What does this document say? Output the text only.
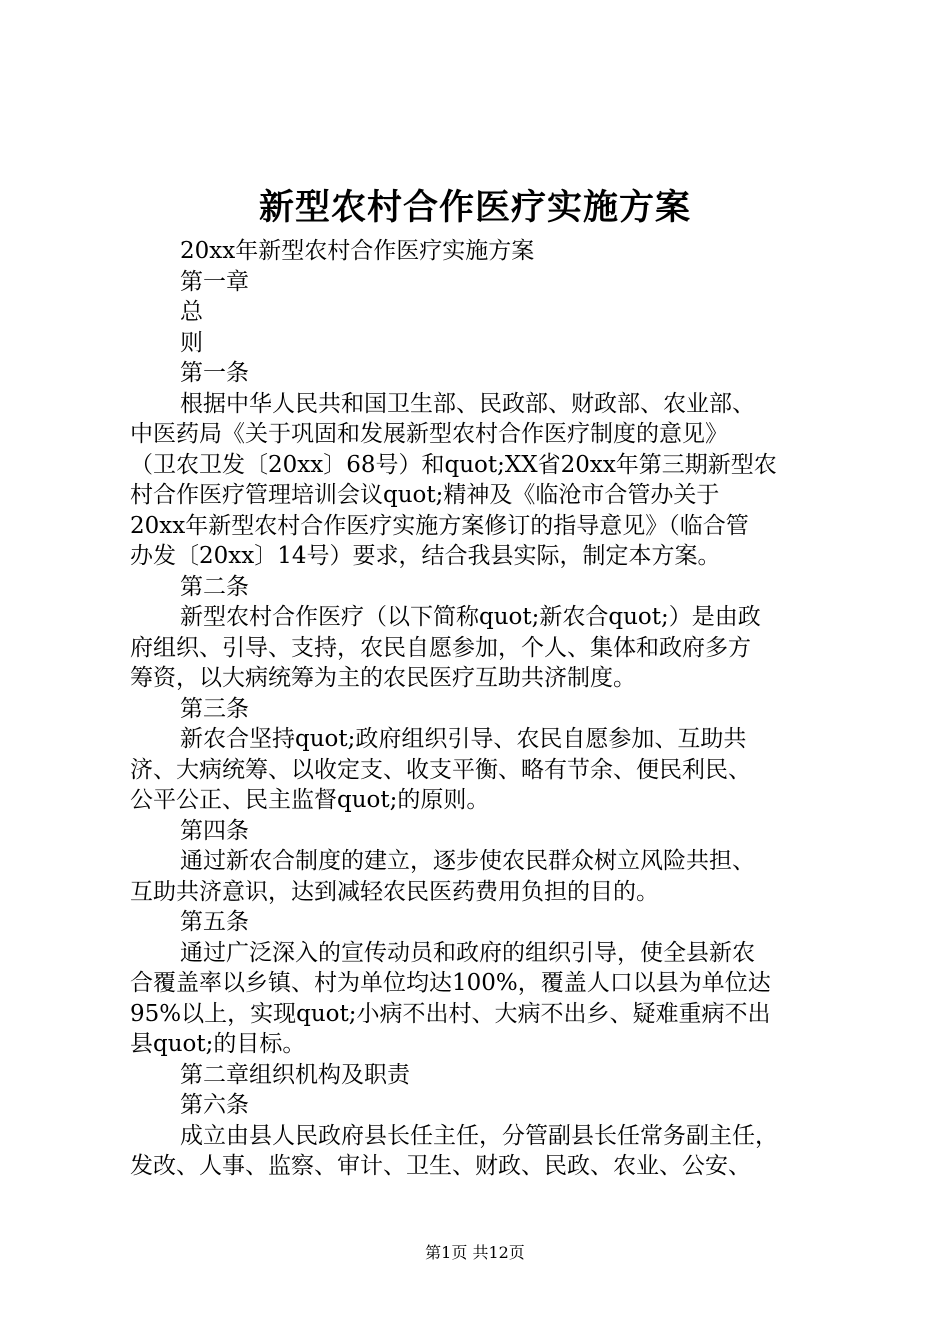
新型农村合作医疗实施方案
20xx年新型农村合作医疗实施方案
第一章
总
则
第一条
根据中华人民共和国卫生部、民政部、财政部、农业部、
中医药局《关于巩固和发展新型农村合作医疗制度的意见》
（卫农卫发〔20xx〕68号）和quot;XX省20xx年第三期新型农
村合作医疗管理培训会议quot;精神及《临沧市合管办关于
20xx年新型农村合作医疗实施方案修订的指导意见》（临合管
办发〔20xx〕14号）要求，结合我县实际，制定本方案。
第二条
新型农村合作医疗（以下简称quot;新农合quot;）是由政
府组织、引导、支持，农民自愿参加，个人、集体和政府多方
筹资，以大病统筹为主的农民医疗互助共济制度。
第三条
新农合坚持quot;政府组织引导、农民自愿参加、互助共
济、大病统筹、以收定支、收支平衡、略有节余、便民利民、
公平公正、民主监督quot;的原则。
第四条
通过新农合制度的建立，逐步使农民群众树立风险共担、
互助共济意识，达到减轻农民医药费用负担的目的。
第五条
通过广泛深入的宣传动员和政府的组织引导，使全县新农
合覆盖率以乡镇、村为单位均达100%，覆盖人口以县为单位达
95%以上，实现quot;小病不出村、大病不出乡、疑难重病不出
县quot;的目标。
第二章组织机构及职责
第六条
成立由县人民政府县长任主任，分管副县长任常务副主任，
发改、人事、监察、审计、卫生、财政、民政、农业、公安、
第1页 共12页
